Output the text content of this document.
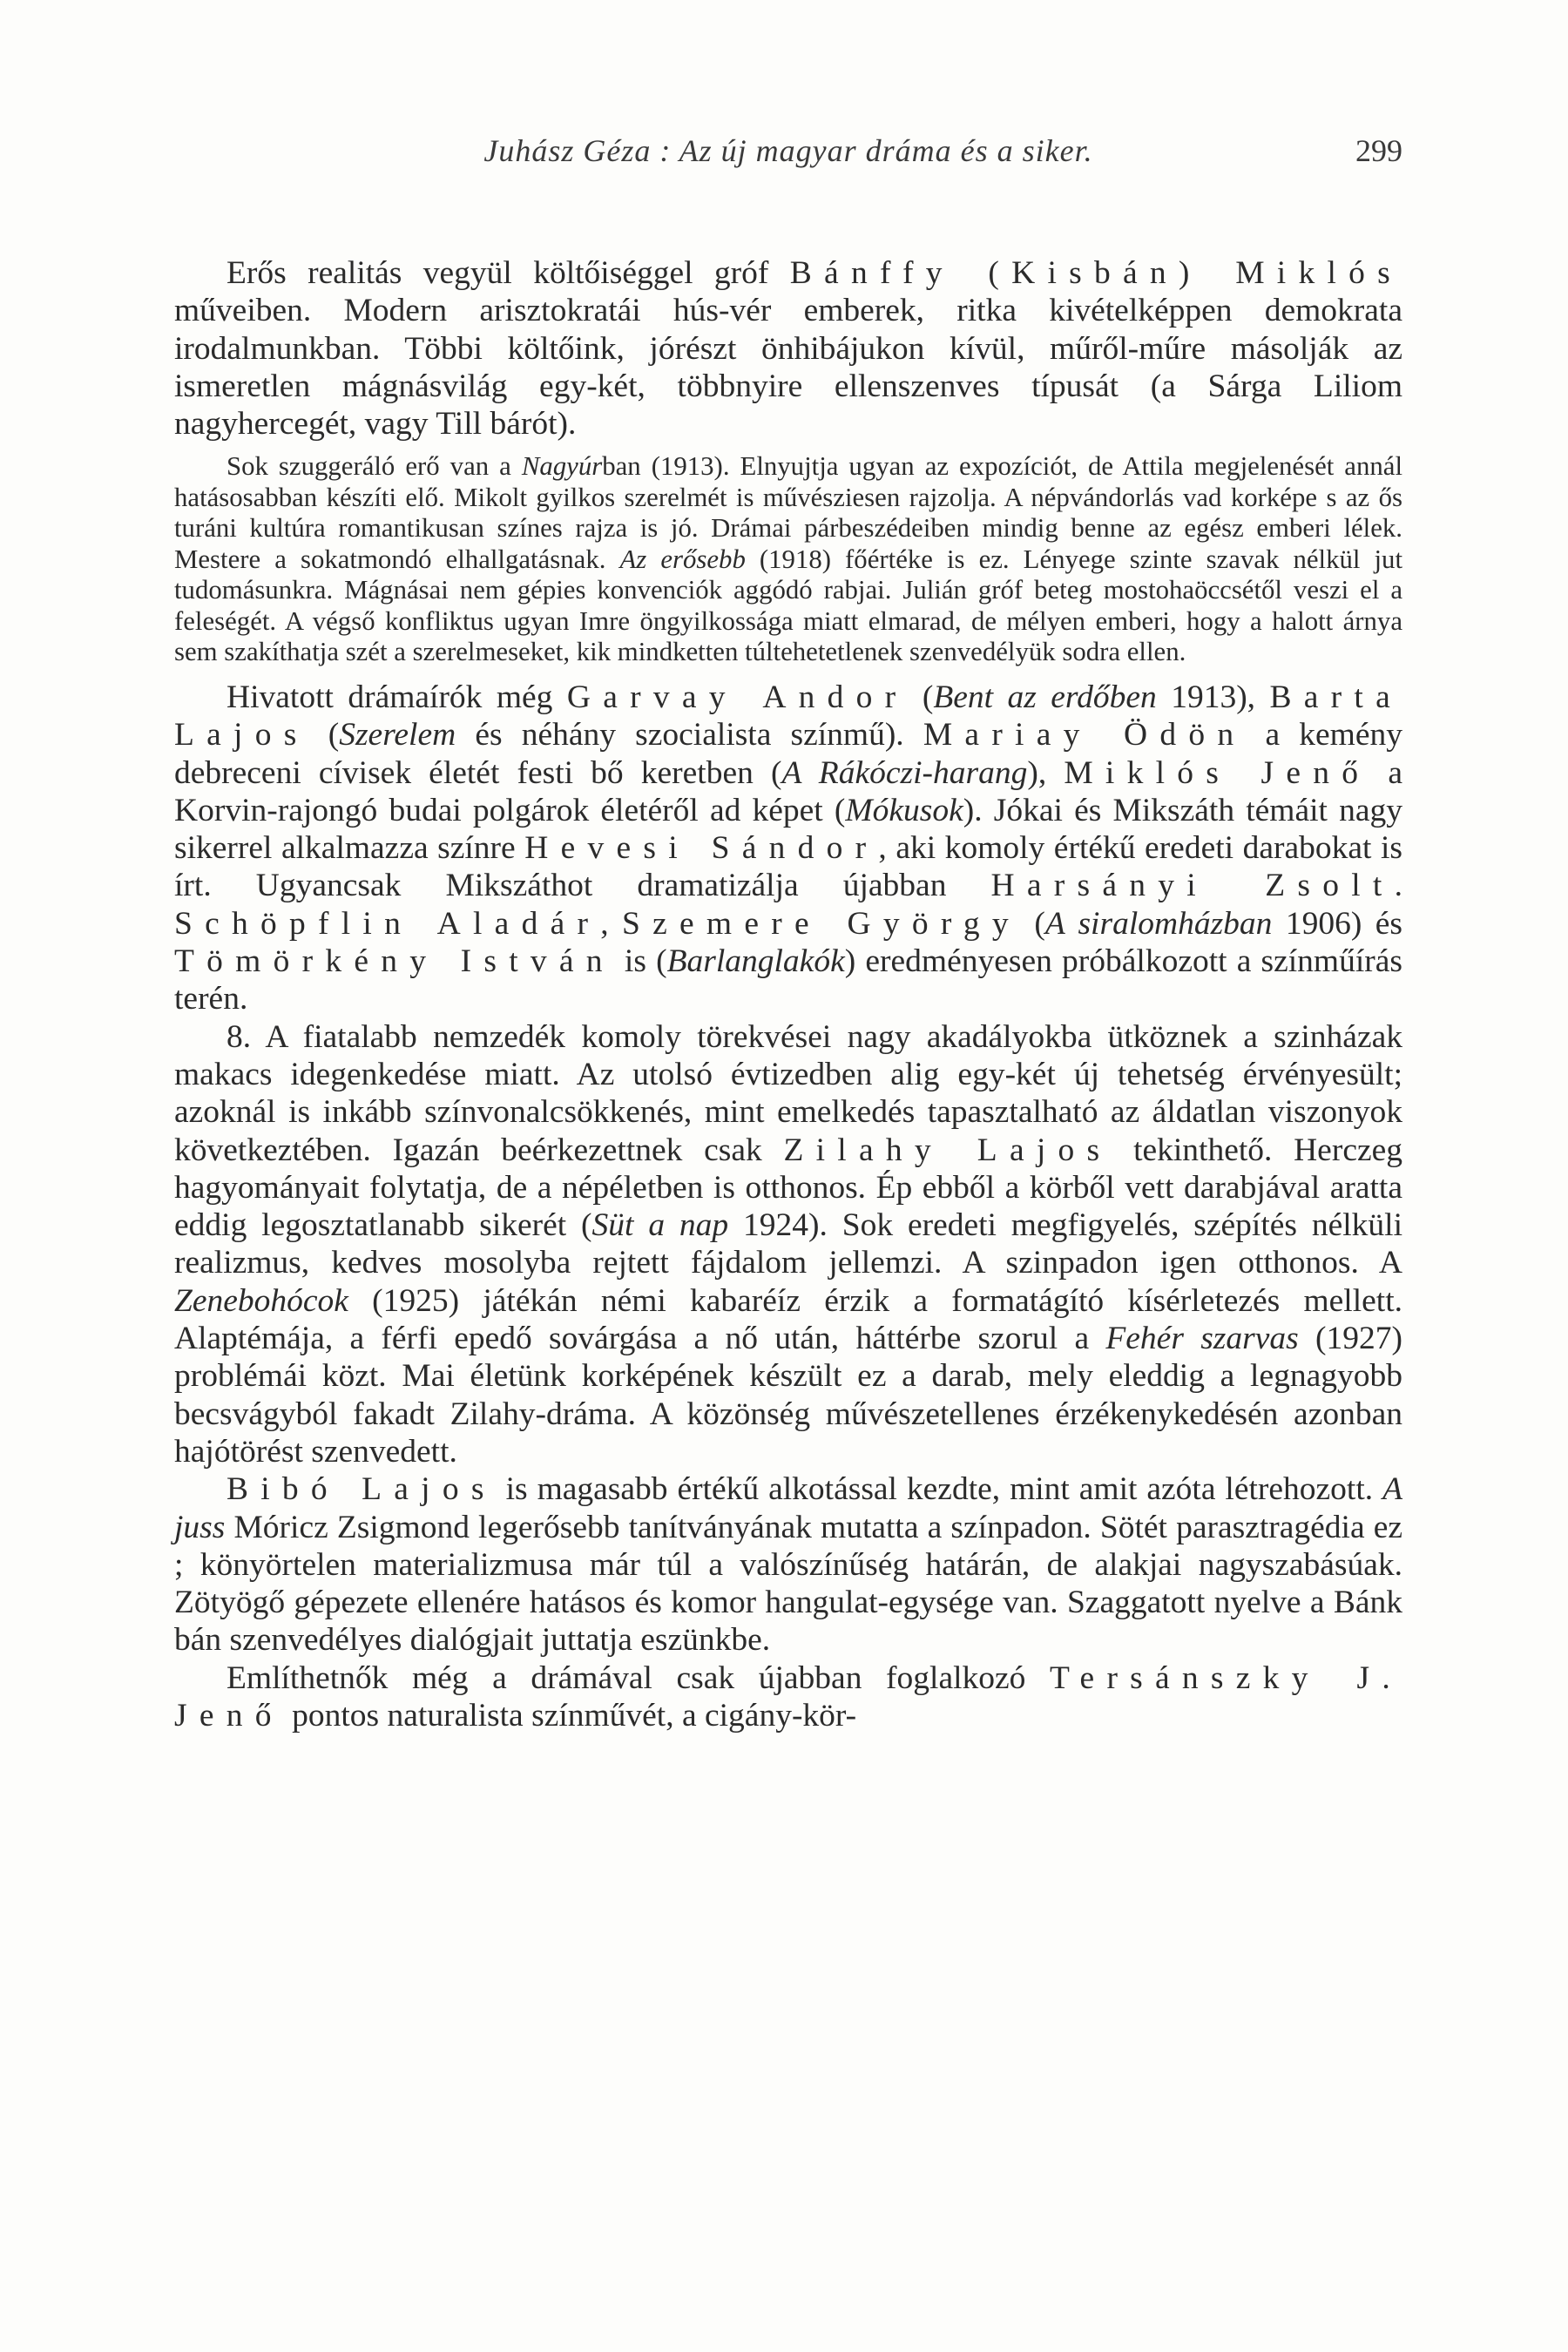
Juhász Géza : Az új magyar dráma és a siker.	299

Erős realitás vegyül költőiséggel gróf Bánffy (Kisbán) Miklós műveiben. Modern arisztokratái hús-vér emberek, ritka kivételképpen demokrata irodalmunkban. Többi költőink, jórészt önhibájukon kívül, műről-műre másolják az ismeretlen mágnásvilág egy-két, többnyire ellenszenves típusát (a Sárga Liliom nagyhercegét, vagy Till bárót).

Sok szuggeráló erő van a Nagyúrban (1913). Elnyujtja ugyan az expozíciót, de Attila megjelenését annál hatásosabban készíti elő. Mikolt gyilkos szerelmét is művésziesen rajzolja. A népvándorlás vad korképe s az ős turáni kultúra romantikusan színes rajza is jó. Drámai párbeszédeiben mindig benne az egész emberi lélek. Mestere a sokatmondó elhallgatásnak. Az erősebb (1918) főértéke is ez. Lényege szinte szavak nélkül jut tudomásunkra. Mágnásai nem gépies konvenciók aggódó rabjai. Julián gróf beteg mostohaöccsétől veszi el a feleségét. A végső konfliktus ugyan Imre öngyilkossága miatt elmarad, de mélyen emberi, hogy a halott árnya sem szakíthatja szét a szerelmeseket, kik mindketten túltehetetlenek szenvedélyük sodra ellen.

Hivatott drámaírók még Garvay Andor (Bent az erdőben 1913), Barta Lajos (Szerelem és néhány szocialista színmű). Mariay Ödön a kemény debreceni cívisek életét festi bő keretben (A Rákóczi-harang), Miklós Jenő a Korvin-rajongó budai polgárok életéről ad képet (Mókusok). Jókai és Mikszáth témáit nagy sikerrel alkalmazza színre Hevesi Sándor, aki komoly értékű eredeti darabokat is írt. Ugyancsak Mikszáthot dramatizálja újabban Harsányi Zsolt. Schöpflin Aladár, Szemere György (A siralomházban 1906) és Tömörkény István is (Barlanglakók) eredményesen próbálkozott a színműírás terén.

8. A fiatalabb nemzedék komoly törekvései nagy akadályokba ütköznek a szinházak makacs idegenkedése miatt. Az utolsó évtizedben alig egy-két új tehetség érvényesült; azoknál is inkább színvonalcsökkenés, mint emelkedés tapasztalható az áldatlan viszonyok következtében. Igazán beérkezettnek csak Zilahy Lajos tekinthető. Herczeg hagyományait folytatja, de a népéletben is otthonos. Ép ebből a körből vett darabjával aratta eddig legosztatlanabb sikerét (Süt a nap 1924). Sok eredeti megfigyelés, szépítés nélküli realizmus, kedves mosolyba rejtett fájdalom jellemzi. A szinpadon igen otthonos. A Zenebohócok (1925) játékán némi kabaréíz érzik a formatágító kísérletezés mellett. Alaptémája, a férfi epedő sovárgása a nő után, háttérbe szorul a Fehér szarvas (1927) problémái közt. Mai életünk korképének készült ez a darab, mely eleddig a legnagyobb becsvágyból fakadt Zilahy-dráma. A közönség művészetellenes érzékenykedésén azonban hajótörést szenvedett.

Bibó Lajos is magasabb értékű alkotással kezdte, mint amit azóta létrehozott. A juss Móricz Zsigmond legerősebb tanítványának mutatta a színpadon. Sötét parasztragédia ez ; könyörtelen materializmusa már túl a valószínűség határán, de alakjai nagyszabásúak. Zötyögő gépezete ellenére hatásos és komor hangulat-egysége van. Szaggatott nyelve a Bánk bán szenvedélyes dialógjait juttatja eszünkbe.

Említhetnők még a drámával csak újabban foglalkozó Tersánszky J. Jenő pontos naturalista színművét, a cigány-kör-
